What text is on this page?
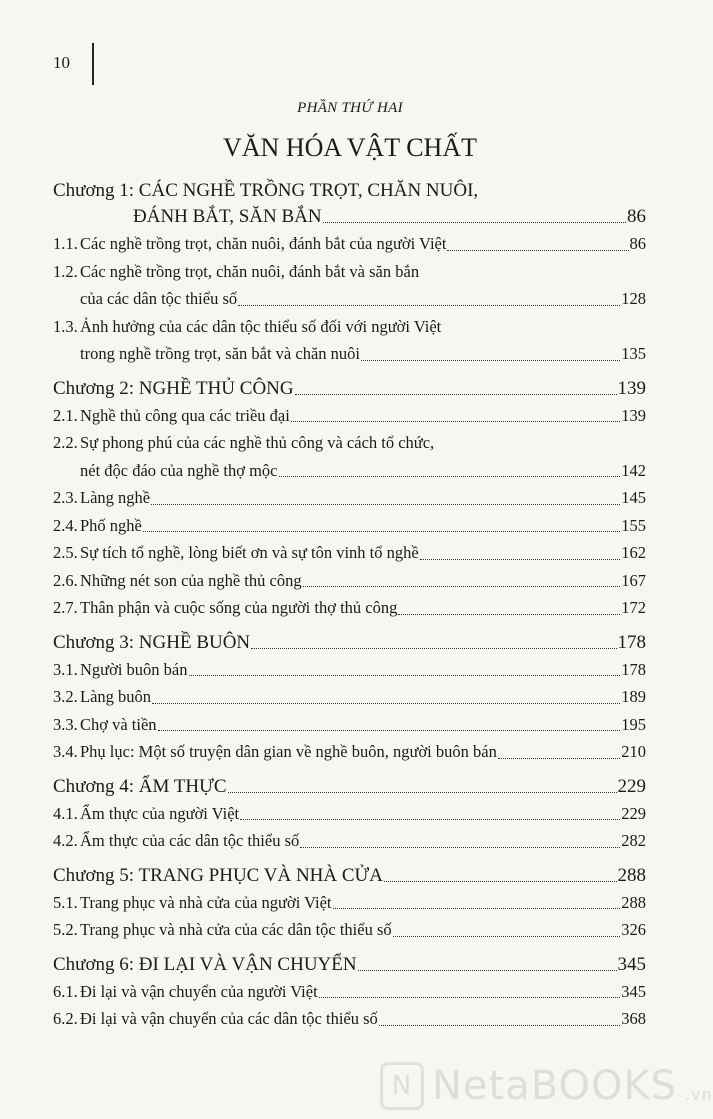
10
PHẦN THỨ HAI
VĂN HÓA VẬT CHẤT
Chương 1: CÁC NGHỀ TRỒNG TRỌT, CHĂN NUÔI,
ĐÁNH BẮT, SĂN BẮN	86
1.1. Các nghề trồng trọt, chăn nuôi, đánh bắt của người Việt	86
1.2. Các nghề trồng trọt, chăn nuôi, đánh bắt và săn bắn
của các dân tộc thiểu số	128
1.3. Ảnh hưởng của các dân tộc thiểu số đối với người Việt
trong nghề trồng trọt, săn bắt và chăn nuôi	135
Chương 2: NGHỀ THỦ CÔNG	139
2.1. Nghề thủ công qua các triều đại	139
2.2. Sự phong phú của các nghề thủ công và cách tổ chức,
nét độc đáo của nghề thợ mộc	142
2.3. Làng nghề	145
2.4. Phố nghề	155
2.5. Sự tích tổ nghề, lòng biết ơn và sự tôn vinh tổ nghề	162
2.6. Những nét son của nghề thủ công	167
2.7. Thân phận và cuộc sống của người thợ thủ công	172
Chương 3: NGHỀ BUÔN	178
3.1. Người buôn bán	178
3.2. Làng buôn	189
3.3. Chợ và tiền	195
3.4. Phụ lục: Một số truyện dân gian về nghề buôn, người buôn bán	210
Chương 4: ẨM THỰC	229
4.1. Ẩm thực của người Việt	229
4.2. Ẩm thực của các dân tộc thiểu số	282
Chương 5: TRANG PHỤC VÀ NHÀ CỬA	288
5.1. Trang phục và nhà cửa của người Việt	288
5.2. Trang phục và nhà cửa của các dân tộc thiểu số	326
Chương 6: ĐI LẠI VÀ VẬN CHUYỂN	345
6.1. Đi lại và vận chuyển của người Việt	345
6.2. Đi lại và vận chuyển của các dân tộc thiểu số	368
N NetaBOOKS .vn
